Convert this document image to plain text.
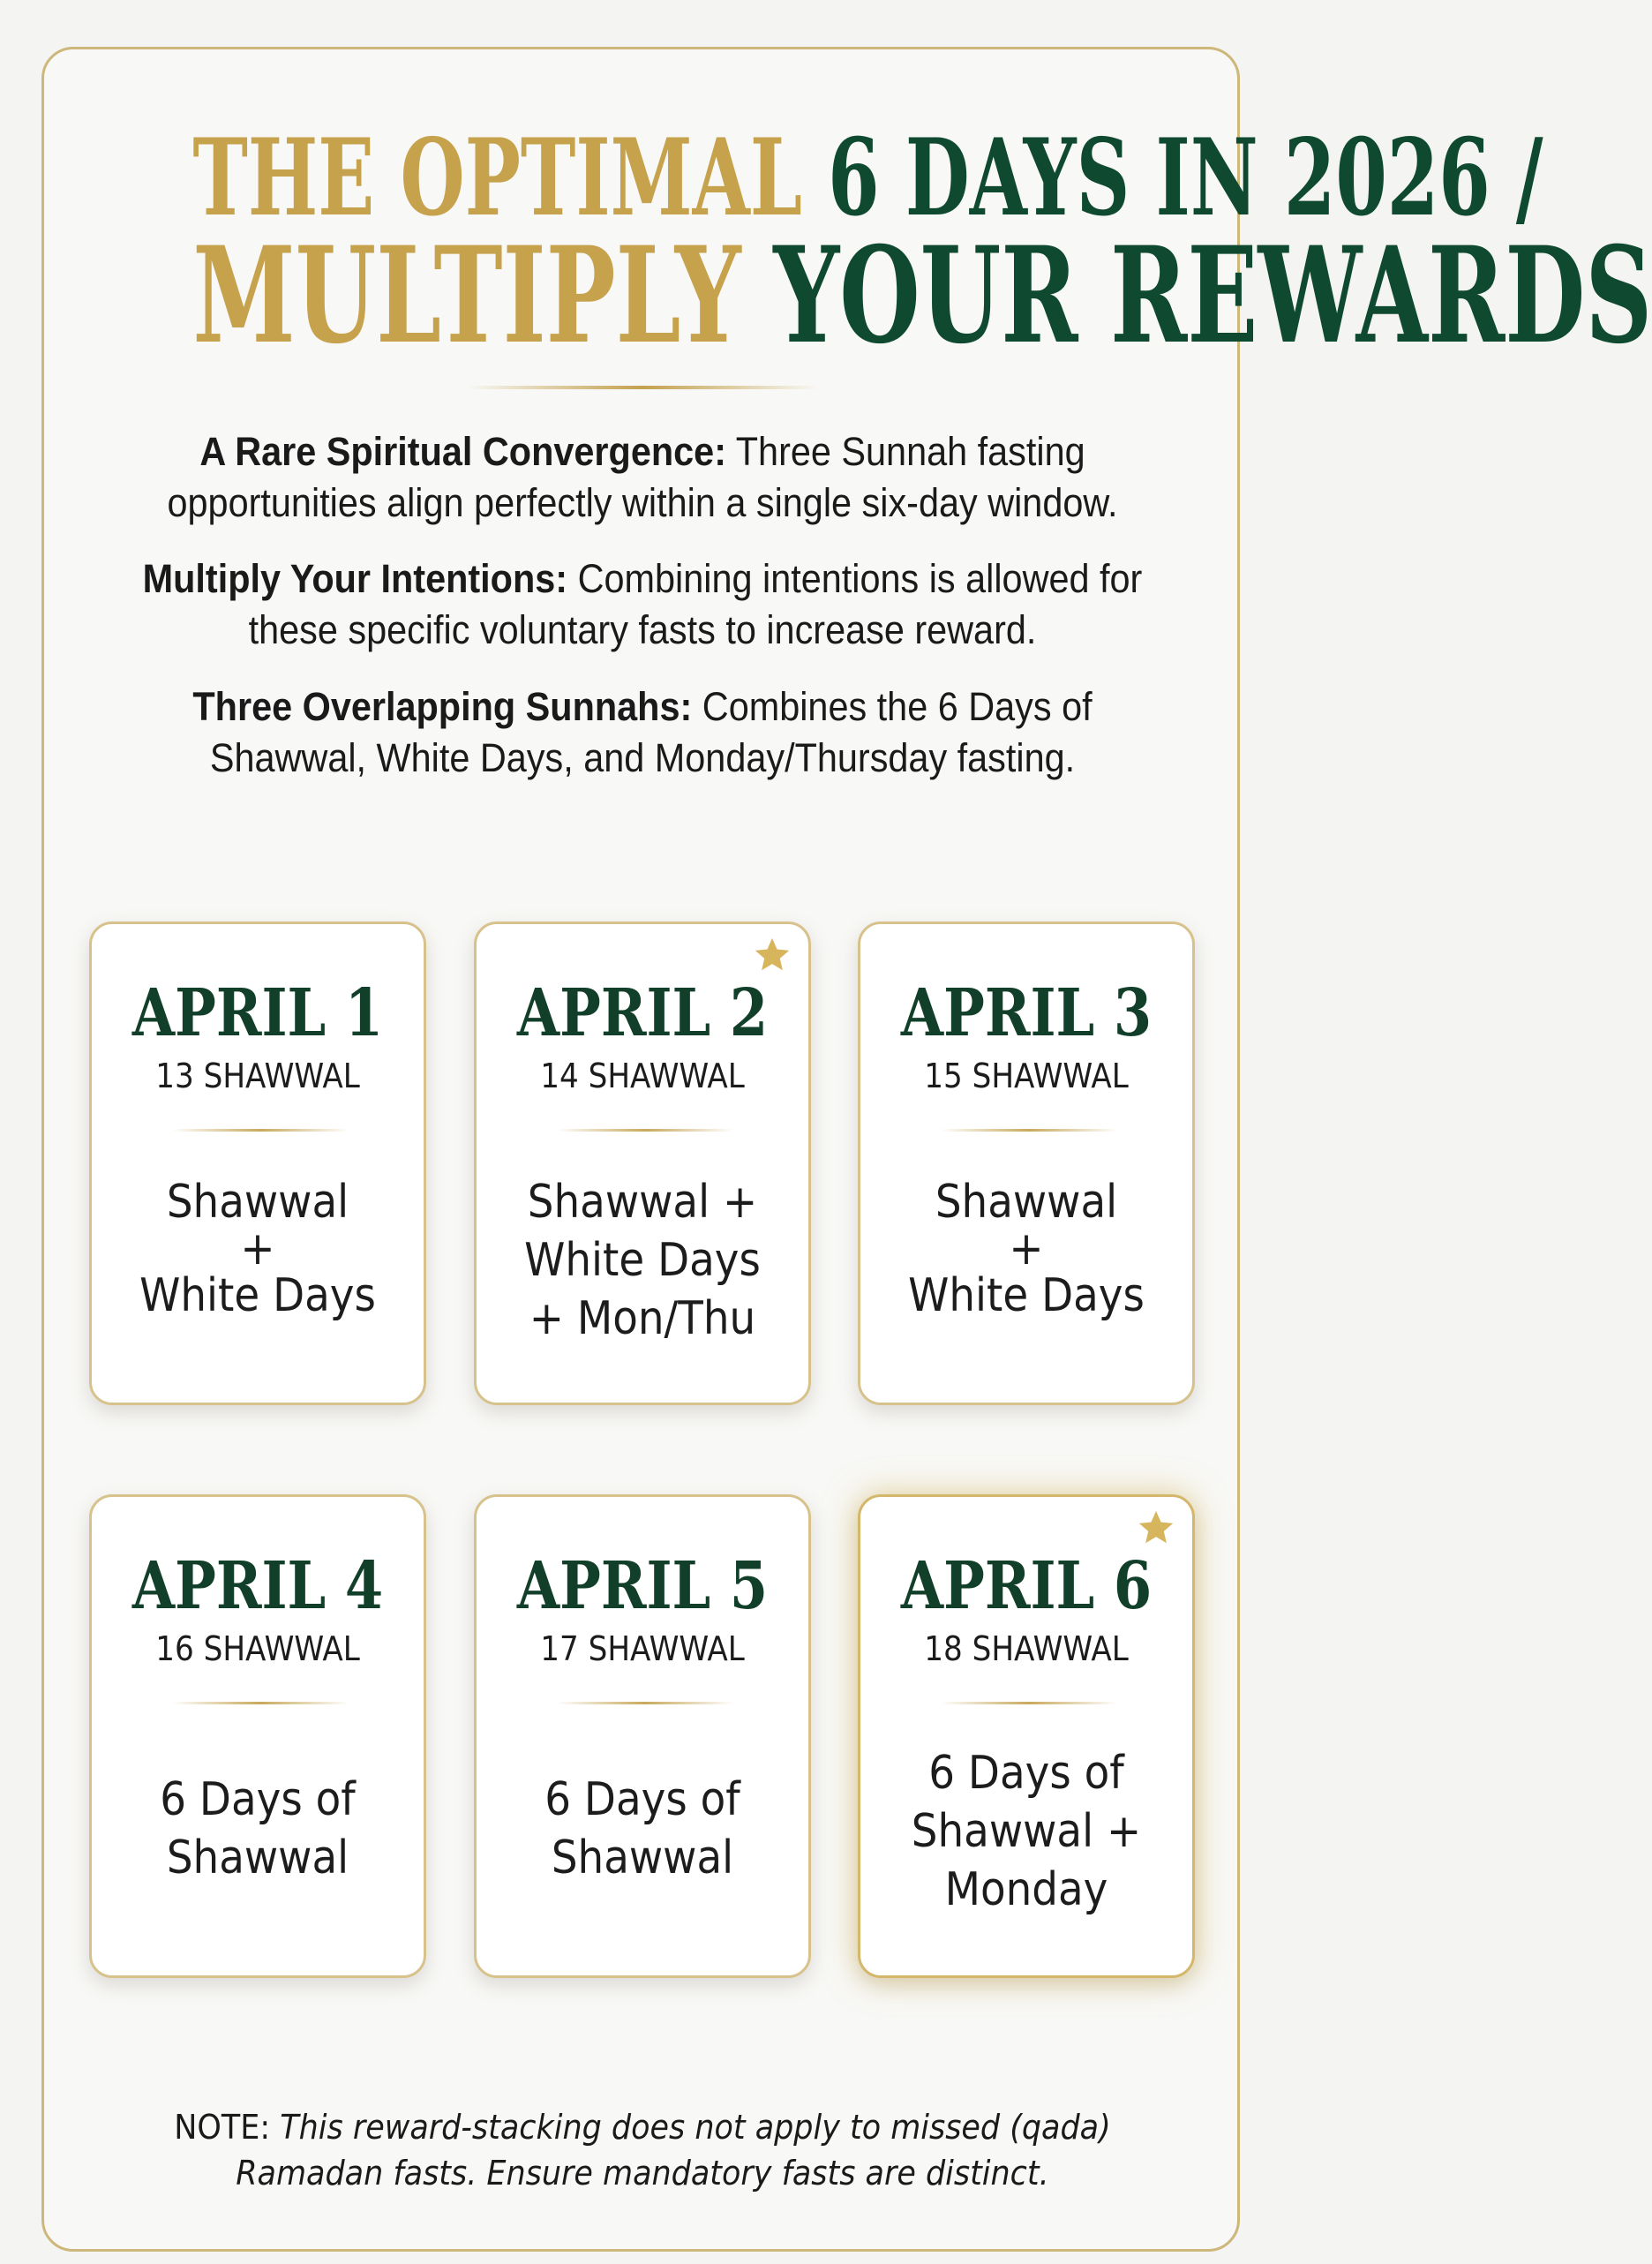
THE OPTIMAL 6 DAYS IN 2026 /
MULTIPLY YOUR REWARDS
A Rare Spiritual Convergence: Three Sunnah fasting opportunities align perfectly within a single six-day window.
Multiply Your Intentions: Combining intentions is allowed for these specific voluntary fasts to increase reward.
Three Overlapping Sunnahs: Combines the 6 Days of Shawwal, White Days, and Monday/Thursday fasting.
APRIL 1
13 SHAWWAL
Shawwal
+
White Days
APRIL 2
14 SHAWWAL
Shawwal +
White Days
+ Mon/Thu
APRIL 3
15 SHAWWAL
Shawwal
+
White Days
APRIL 4
16 SHAWWAL
6 Days of
Shawwal
APRIL 5
17 SHAWWAL
6 Days of
Shawwal
APRIL 6
18 SHAWWAL
6 Days of
Shawwal +
Monday
NOTE: This reward-stacking does not apply to missed (qada)
Ramadan fasts. Ensure mandatory fasts are distinct.
